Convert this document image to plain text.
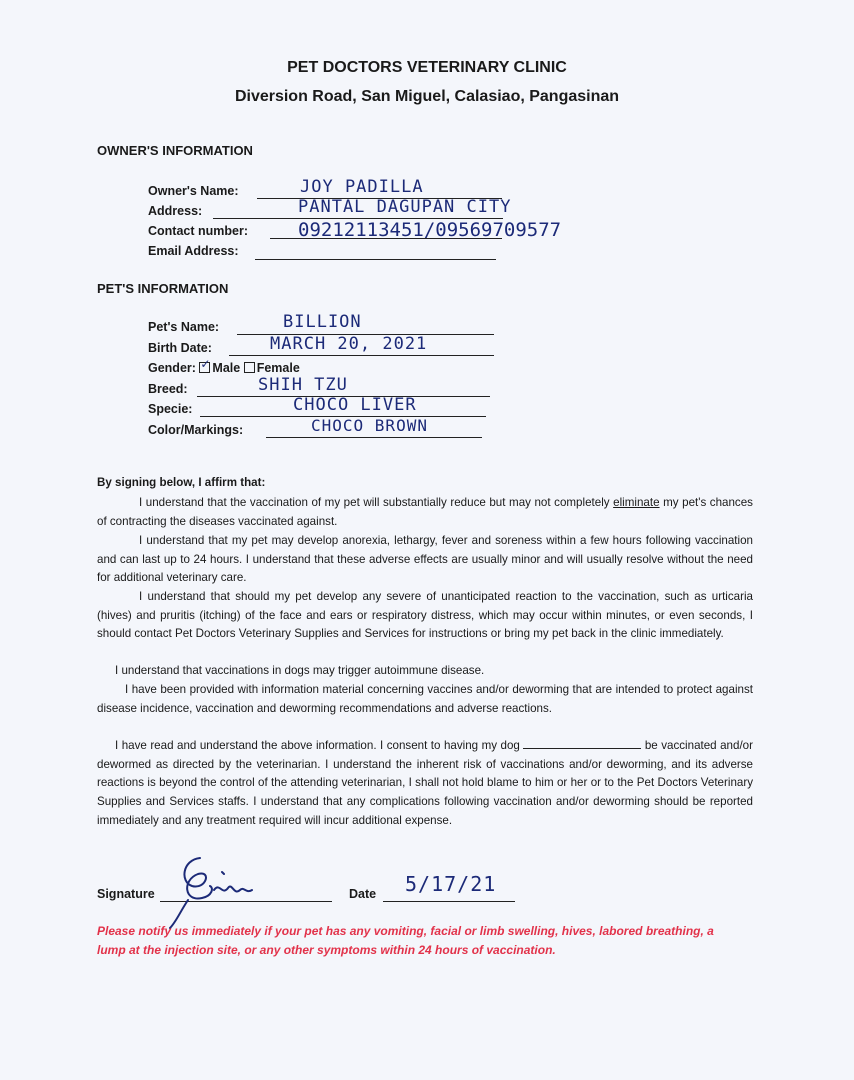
PET DOCTORS VETERINARY CLINIC
Diversion Road, San Miguel, Calasiao, Pangasinan
OWNER'S INFORMATION
Owner's Name:	JOY PADILLA
Address:	PANTAL DAGUPAN CITY
Contact number:	09212113451/09569709577
Email Address:
PET'S INFORMATION
Pet's Name:	BILLION
Birth Date:	MARCH 20, 2021
Gender: ✓ Male Female
Breed:	SHIH TZU
Specie:	CHOCO LIVER
Color/Markings:	CHOCO BROWN
By signing below, I affirm that:
I understand that the vaccination of my pet will substantially reduce but may not completely eliminate my pet's chances of contracting the diseases vaccinated against.
I understand that my pet may develop anorexia, lethargy, fever and soreness within a few hours following vaccination and can last up to 24 hours. I understand that these adverse effects are usually minor and will usually resolve without the need for additional veterinary care.
I understand that should my pet develop any severe of unanticipated reaction to the vaccination, such as urticaria (hives) and pruritis (itching) of the face and ears or respiratory distress, which may occur within minutes, or even seconds, I should contact Pet Doctors Veterinary Supplies and Services for instructions or bring my pet back in the clinic immediately.
I understand that vaccinations in dogs may trigger autoimmune disease.
I have been provided with information material concerning vaccines and/or deworming that are intended to protect against disease incidence, vaccination and deworming recommendations and adverse reactions.
I have read and understand the above information. I consent to having my dog	be vaccinated and/or dewormed as directed by the veterinarian. I understand the inherent risk of vaccinations and/or deworming, and its adverse reactions is beyond the control of the attending veterinarian, I shall not hold blame to him or her or to the Pet Doctors Veterinary Supplies and Services staffs. I understand that any complications following vaccination and/or deworming should be reported immediately and any treatment required will incur additional expense.
Signature	Date 5/17/21
Please notify us immediately if your pet has any vomiting, facial or limb swelling, hives, labored breathing, a lump at the injection site, or any other symptoms within 24 hours of vaccination.
